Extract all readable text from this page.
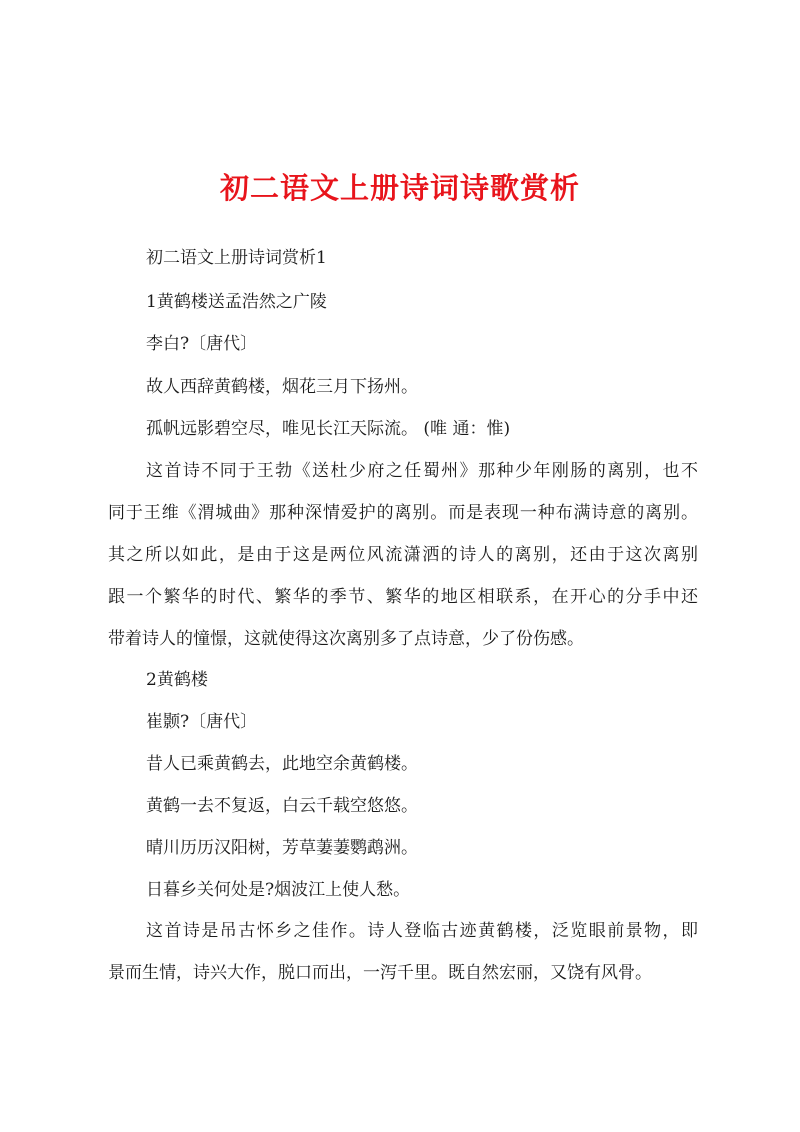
初二语文上册诗词诗歌赏析

初二语文上册诗词赏析1

1黄鹤楼送孟浩然之广陵

李白?〔唐代〕

故人西辞黄鹤楼，烟花三月下扬州。

孤帆远影碧空尽，唯见长江天际流。 (唯 通：惟)

这首诗不同于王勃《送杜少府之任蜀州》那种少年刚肠的离别，也不

同于王维《渭城曲》那种深情爱护的离别。而是表现一种布满诗意的离别。

其之所以如此，是由于这是两位风流潇洒的诗人的离别，还由于这次离别

跟一个繁华的时代、繁华的季节、繁华的地区相联系，在开心的分手中还

带着诗人的憧憬，这就使得这次离别多了点诗意，少了份伤感。

2黄鹤楼

崔颢?〔唐代〕

昔人已乘黄鹤去，此地空余黄鹤楼。

黄鹤一去不复返，白云千载空悠悠。

晴川历历汉阳树，芳草萋萋鹦鹉洲。

日暮乡关何处是?烟波江上使人愁。

这首诗是吊古怀乡之佳作。诗人登临古迹黄鹤楼，泛览眼前景物，即

景而生情，诗兴大作，脱口而出，一泻千里。既自然宏丽，又饶有风骨。
